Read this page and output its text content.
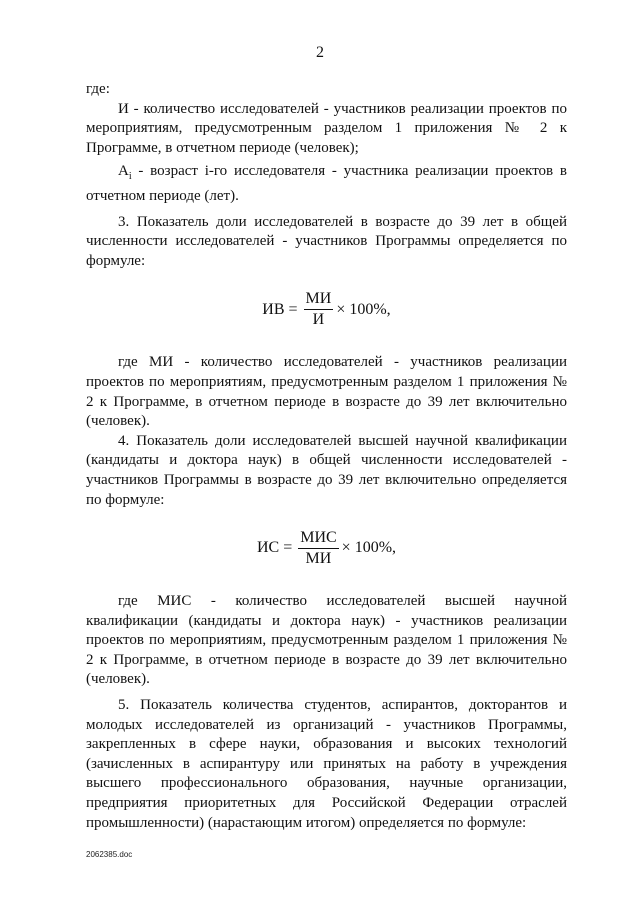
2

где:

И - количество исследователей - участников реализации проектов по мероприятиям, предусмотренным разделом 1 приложения № 2 к Программе, в отчетном периоде (человек);

$A_i$ - возраст i-го исследователя - участника реализации проектов в отчетном периоде (лет).

3. Показатель доли исследователей в возрасте до 39 лет в общей численности исследователей - участников Программы определяется по формуле:

ИВ = $\frac{МИ}{И} \times 100\%$,

где МИ - количество исследователей - участников реализации проектов по мероприятиям, предусмотренным разделом 1 приложения № 2 к Программе, в отчетном периоде в возрасте до 39 лет включительно (человек).

4. Показатель доли исследователей высшей научной квалификации (кандидаты и доктора наук) в общей численности исследователей - участников Программы в возрасте до 39 лет включительно определяется по формуле:

ИС = $\frac{\text{МИС}}{МИ} \times 100\%$,

где МИС - количество исследователей высшей научной квалификации (кандидаты и доктора наук) - участников реализации проектов по мероприятиям, предусмотренным разделом 1 приложения № 2 к Программе, в отчетном периоде в возрасте до 39 лет включительно (человек).

5. Показатель количества студентов, аспирантов, докторантов и молодых исследователей из организаций - участников Программы, закрепленных в сфере науки, образования и высоких технологий (зачисленных в аспирантуру или принятых на работу в учреждения высшего профессионального образования, научные организации, предприятия приоритетных для Российской Федерации отраслей промышленности) (нарастающим итогом) определяется по формуле:

2062385.doc
